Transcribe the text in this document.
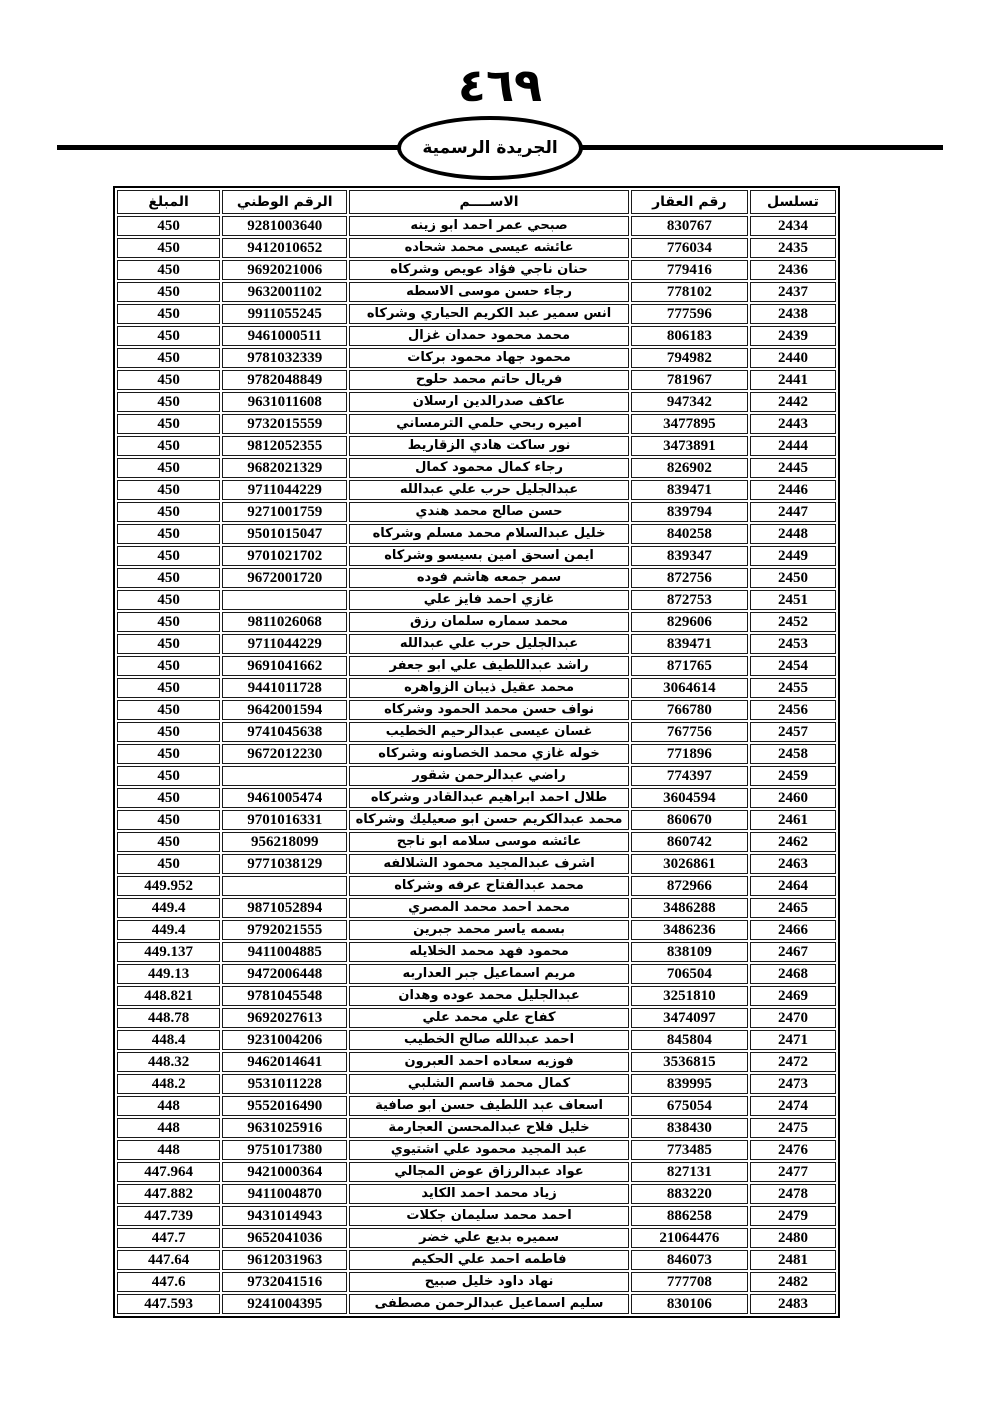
٤٦٩
الجريدة الرسمية
تسلسل	رقم العقار	الاســــم	الرقم الوطني	المبلغ
2434	830767	صبحي عمر احمد ابو زينه	9281003640	450
2435	776034	عائشه عيسى محمد شحاده	9412010652	450
2436	779416	حنان ناجي فؤاد عويص وشركاه	9692021006	450
2437	778102	رجاء حسن موسى الاسطه	9632001102	450
2438	777596	انس سمير عبد الكريم الحياري وشركاه	9911055245	450
2439	806183	محمد محمود حمدان غزال	9461000511	450
2440	794982	محمود جهاد محمود بركات	9781032339	450
2441	781967	فريال حاتم محمد حلوح	9782048849	450
2442	947342	عاكف صدرالدين ارسلان	9631011608	450
2443	3477895	اميره ربحي حلمي الترمساني	9732015559	450
2444	3473891	نور ساكت هادي الزقاريط	9812052355	450
2445	826902	رجاء كمال محمود كمال	9682021329	450
2446	839471	عبدالجليل حرب علي عبدالله	9711044229	450
2447	839794	حسن صالح محمد هندي	9271001759	450
2448	840258	خليل عبدالسلام محمد مسلم وشركاه	9501015047	450
2449	839347	ايمن اسحق امين بسيسو وشركاه	9701021702	450
2450	872756	سمر جمعه هاشم فوده	9672001720	450
2451	872753	غازي احمد فايز علي		450
2452	829606	محمد سماره سلمان رزق	9811026068	450
2453	839471	عبدالجليل حرب علي عبدالله	9711044229	450
2454	871765	راشد عبداللطيف علي ابو جعفر	9691041662	450
2455	3064614	محمد عقيل ذيبان الزواهره	9441011728	450
2456	766780	نواف حسن محمد الحمود وشركاه	9642001594	450
2457	767756	غسان عيسى عبدالرحيم الخطيب	9741045638	450
2458	771896	خوله غازي محمد الخصاونه وشركاه	9672012230	450
2459	774397	راضي عبدالرحمن شقور		450
2460	3604594	طلال احمد ابراهيم عبدالقادر وشركاه	9461005474	450
2461	860670	محمد عبدالكريم حسن ابو صعيليك وشركاه	9701016331	450
2462	860742	عائشه موسى سلامه ابو ناجح	956218099	450
2463	3026861	اشرف عبدالمجيد محمود الشلالفه	9771038129	450
2464	872966	محمد عبدالفتاح عرفه وشركاه		449.952
2465	3486288	محمد احمد محمد المصري	9871052894	449.4
2466	3486236	بسمه ياسر محمد جبرين	9792021555	449.4
2467	838109	محمود فهد محمد الخلايله	9411004885	449.137
2468	706504	مريم اسماعيل جبر العداربه	9472006448	449.13
2469	3251810	عبدالجليل محمد عوده وهدان	9781045548	448.821
2470	3474097	كفاح علي محمد علي	9692027613	448.78
2471	845804	احمد عبدالله صالح الخطيب	9231004206	448.4
2472	3536815	فوزيه سعاده احمد العبرون	9462014641	448.32
2473	839995	كمال محمد قاسم الشلبي	9531011228	448.2
2474	675054	اسعاف عبد اللطيف حسن ابو صافية	9552016490	448
2475	838430	خليل فلاح عبدالمحسن العجارمة	9631025916	448
2476	773485	عبد المجيد محمود علي اشتيوي	9751017380	448
2477	827131	عواد عبدالرزاق عوض المجالي	9421000364	447.964
2478	883220	زياد محمد احمد الكايد	9411004870	447.882
2479	886258	احمد محمد سليمان جكلات	9431014943	447.739
2480	21064476	سميره بديع علي خضر	9652041036	447.7
2481	846073	فاطمه احمد علي الحكيم	9612031963	447.64
2482	777708	نهاد داود خليل صبيح	9732041516	447.6
2483	830106	سليم اسماعيل عبدالرحمن مصطفى	9241004395	447.593
